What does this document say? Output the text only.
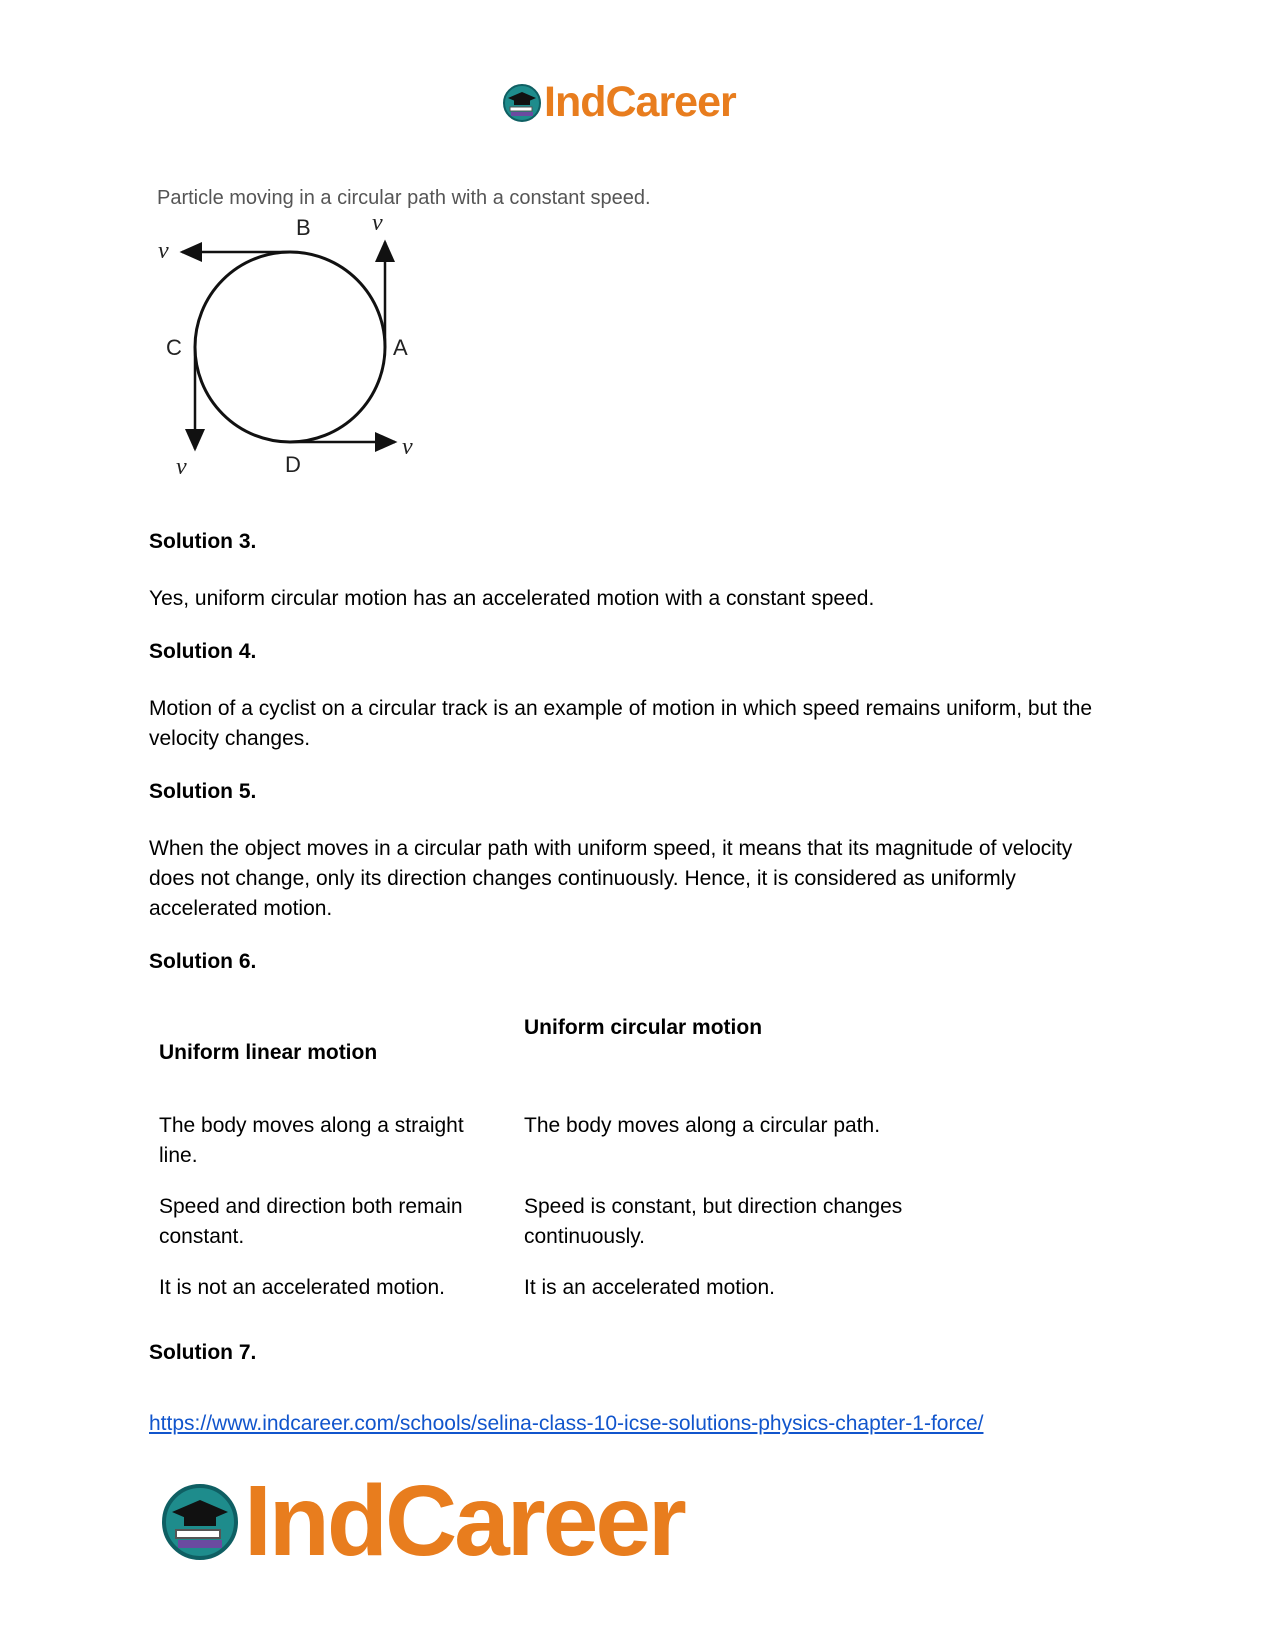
IndCareer
Particle moving in a circular path with a constant speed.
B
A
C
D
v
v
v
v
Solution 3.
Yes, uniform circular motion has an accelerated motion with a constant speed.
Solution 4.
Motion of a cyclist on a circular track is an example of motion in which speed remains uniform, but the velocity changes.
Solution 5.
When the object moves in a circular path with uniform speed, it means that its magnitude of velocity does not change, only its direction changes continuously. Hence, it is considered as uniformly accelerated motion.
Solution 6.
Uniform linear motion
Uniform circular motion
The body moves along a straight line.
The body moves along a circular path.
Speed and direction both remain constant.
Speed is constant, but direction changes continuously.
It is not an accelerated motion.	It is an accelerated motion.
Solution 7.
https://www.indcareer.com/schools/selina-class-10-icse-solutions-physics-chapter-1-force/
IndCareer
